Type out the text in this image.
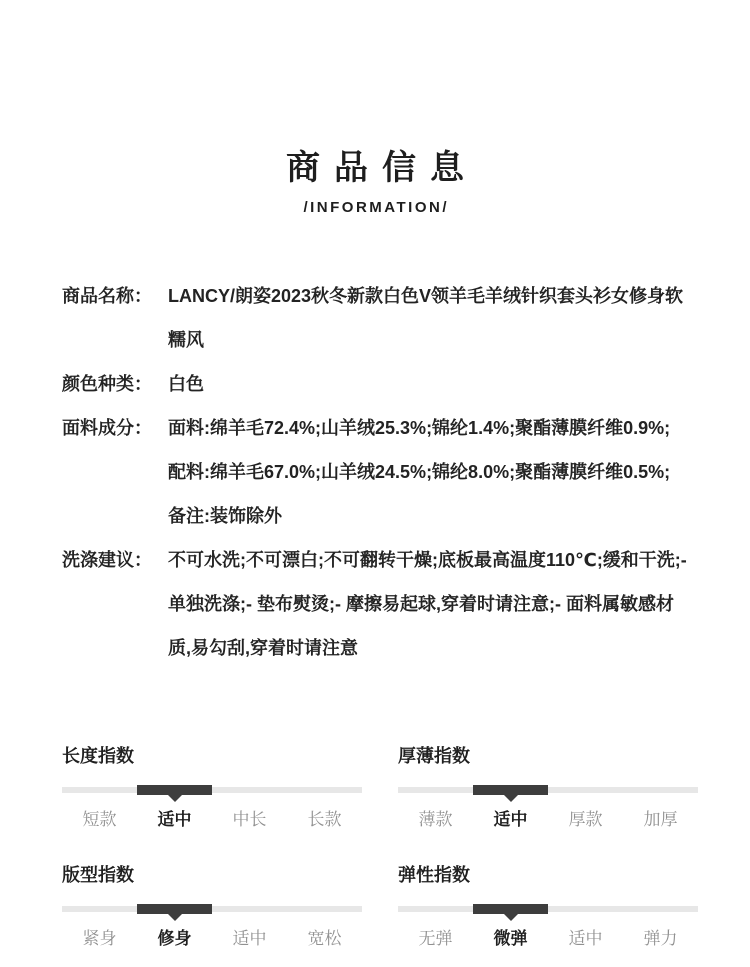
商品信息
/INFORMATION/
商品名称： LANCY/朗姿2023秋冬新款白色V领羊毛羊绒针织套头衫女修身软糯风
颜色种类： 白色
面料成分： 面料:绵羊毛72.4%;山羊绒25.3%;锦纶1.4%;聚酯薄膜纤维0.9%;配料:绵羊毛67.0%;山羊绒24.5%;锦纶8.0%;聚酯薄膜纤维0.5%;备注:装饰除外
洗涤建议： 不可水洗;不可漂白;不可翻转干燥;底板最高温度110℃;缓和干洗;- 单独洗涤;- 垫布熨烫;- 摩擦易起球,穿着时请注意;- 面料属敏感材质,易勾刮,穿着时请注意
长度指数
短款	适中	中长	长款
厚薄指数
薄款	适中	厚款	加厚
版型指数
紧身	修身	适中	宽松
弹性指数
无弹	微弹	适中	弹力
